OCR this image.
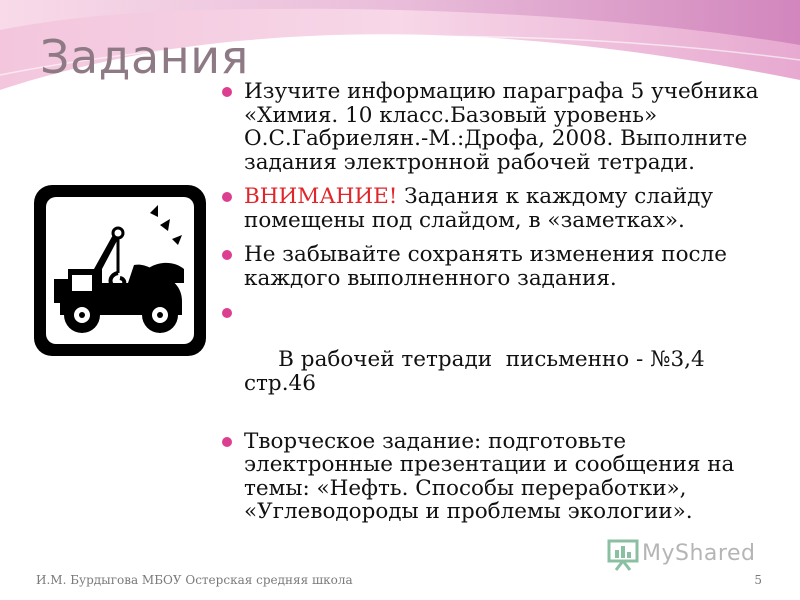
Задания
Изучите информацию параграфа 5 учебника «Химия. 10 класс.Базовый уровень» О.С.Габриелян.-М.:Дрофа, 2008. Выполните задания электронной рабочей тетради.
ВНИМАНИЕ! Задания к каждому слайду помещены под слайдом, в «заметках».
Не забывайте сохранять изменения после каждого выполненного задания.

В рабочей тетради  письменно - №3,4 стр.46

Творческое задание: подготовьте электронные презентации и сообщения на темы: «Нефть. Способы переработки», «Углеводороды и проблемы экологии».
MyShared
И.М. Бурдыгова МБОУ Остерская средняя школа	5
